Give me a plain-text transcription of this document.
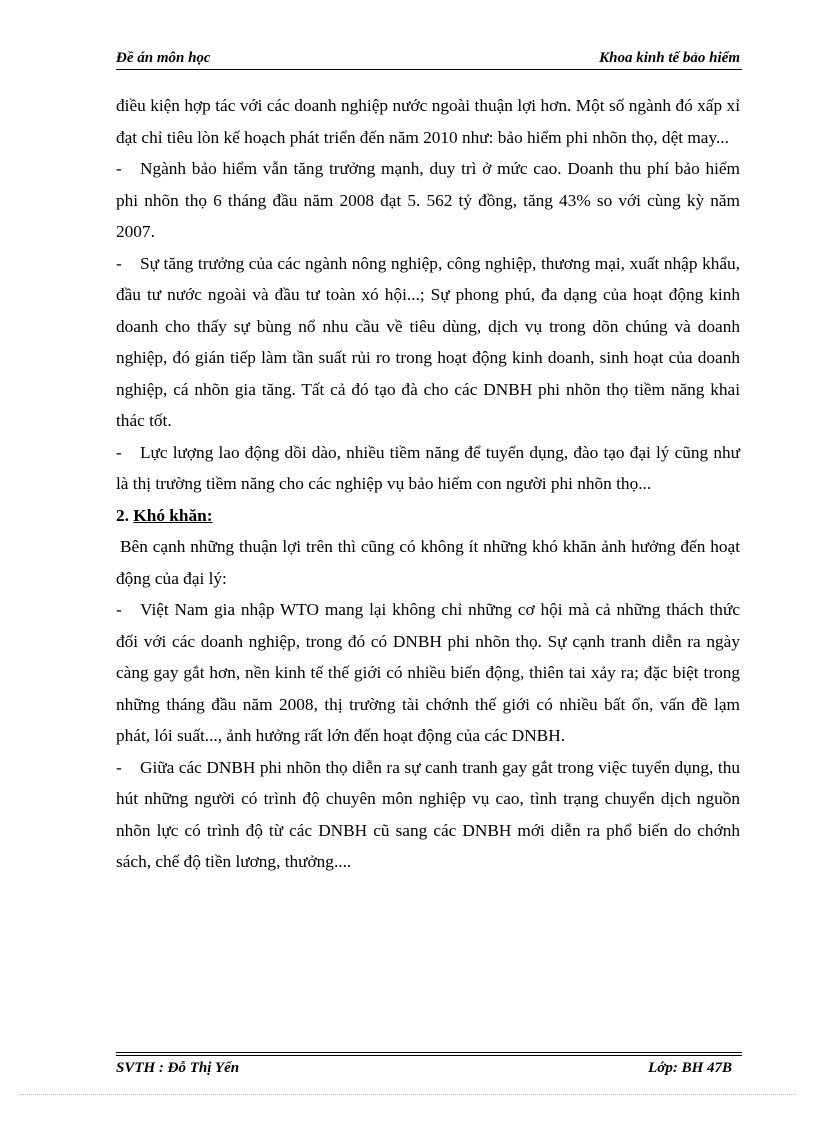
Đề án môn học	Khoa kinh tế bảo hiểm

điều kiện hợp tác với các doanh nghiệp nước ngoài thuận lợi hơn. Một số ngành đó xấp xỉ đạt chỉ tiêu lòn kế hoạch phát triển đến năm 2010 như: bảo hiểm phi nhõn thọ, dệt may...

- Ngành bảo hiểm vẫn tăng trưởng mạnh, duy trì ở mức cao. Doanh thu phí bảo hiểm phi nhõn thọ 6 tháng đầu năm 2008 đạt 5. 562 tỷ đồng, tăng 43% so với cùng kỳ năm 2007.

- Sự tăng trưởng của các ngành nông nghiệp, công nghiệp, thương mại, xuất nhập khẩu, đầu tư nước ngoài và đầu tư toàn xó hội...; Sự phong phú, đa dạng của hoạt động kinh doanh cho thấy sự bùng nổ nhu cầu về tiêu dùng, dịch vụ trong dõn chúng và doanh nghiệp, đó gián tiếp làm tần suất rủi ro trong hoạt động kinh doanh, sinh hoạt của doanh nghiệp, cá nhõn gia tăng. Tất cả đó tạo đà cho các DNBH phi nhõn thọ tiềm năng khai thác tốt.

- Lực lượng lao động dồi dào, nhiều tiềm năng để tuyển dụng, đào tạo đại lý cũng như là thị trường tiềm năng cho các nghiệp vụ bảo hiểm con người phi nhõn thọ...

2. Khó khăn:

Bên cạnh những thuận lợi trên thì cũng có không ít những khó khăn ảnh hưởng đến hoạt động của đại lý:

- Việt Nam gia nhập WTO mang lại không chỉ những cơ hội mà cả những thách thức đối với các doanh nghiệp, trong đó có DNBH phi nhõn thọ. Sự cạnh tranh diễn ra ngày càng gay gắt hơn, nền kinh tế thế giới có nhiều biến động, thiên tai xảy ra; đặc biệt trong những tháng đầu năm 2008, thị trường tài chớnh thế giới có nhiều bất ổn, vấn đề lạm phát, lói suất..., ảnh hưởng rất lớn đến hoạt động của các DNBH.

- Giữa các DNBH phi nhõn thọ diễn ra sự canh tranh gay gắt trong việc tuyển dụng, thu hút những người có trình độ chuyên môn nghiệp vụ cao, tình trạng chuyển dịch nguồn nhõn lực có trình độ từ các DNBH cũ sang các DNBH mới diễn ra phổ biến do chớnh sách, chế độ tiền lương, thưởng....

SVTH : Đỗ Thị Yến	Lớp: BH 47B
